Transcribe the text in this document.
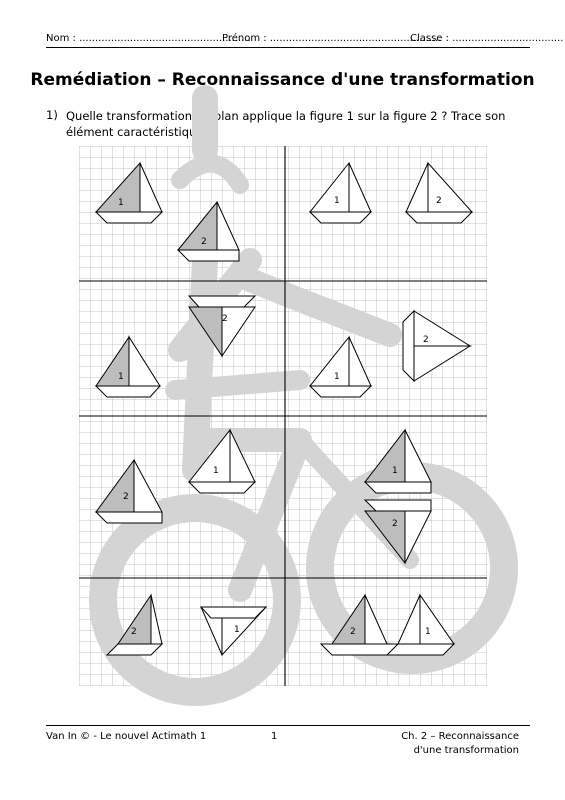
Nom : ......................................................
Prénom : ......................................................
Classe : ...................................
Remédiation – Reconnaissance d'une transformation
1) Quelle transformation du plan applique la figure 1 sur la figure 2 ? Trace son élément caractéristique.
1
2
1	2
1
2
1
2
1
2
1
2
1
2	1
2
Van In © - Le nouvel Actimath 1	1	Ch. 2 – Reconnaissance
d'une transformation
